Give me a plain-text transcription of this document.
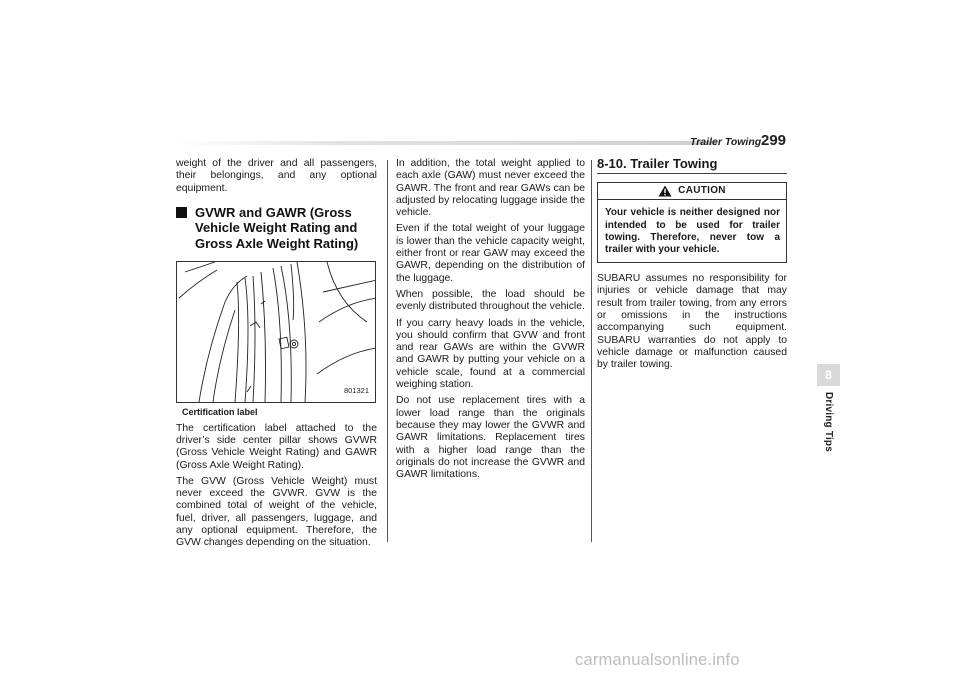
Trailer Towing 299

weight of the driver and all passengers, their belongings, and any optional equipment.

GVWR and GAWR (Gross Vehicle Weight Rating and Gross Axle Weight Rating)
801321
Certification label

The certification label attached to the driver’s side center pillar shows GVWR (Gross Vehicle Weight Rating) and GAWR (Gross Axle Weight Rating).

The GVW (Gross Vehicle Weight) must never exceed the GVWR. GVW is the combined total of weight of the vehicle, fuel, driver, all passengers, luggage, and any optional equipment. Therefore, the GVW changes depending on the situation.

In addition, the total weight applied to each axle (GAW) must never exceed the GAWR. The front and rear GAWs can be adjusted by relocating luggage inside the vehicle.

Even if the total weight of your luggage is lower than the vehicle capacity weight, either front or rear GAW may exceed the GAWR, depending on the distribution of the luggage.

When possible, the load should be evenly distributed throughout the vehicle.

If you carry heavy loads in the vehicle, you should confirm that GVW and front and rear GAWs are within the GVWR and GAWR by putting your vehicle on a vehicle scale, found at a commercial weighing station.

Do not use replacement tires with a lower load range than the originals because they may lower the GVWR and GAWR limitations. Replacement tires with a higher load range than the originals do not increase the GVWR and GAWR limitations.

8-10. Trailer Towing
CAUTION
Your vehicle is neither designed nor intended to be used for trailer towing. Therefore, never tow a trailer with your vehicle.

SUBARU assumes no responsibility for injuries or vehicle damage that may result from trailer towing, from any errors or omissions in the instructions accompanying such equipment. SUBARU warranties do not apply to vehicle damage or malfunction caused by trailer towing.

8
Driving Tips
carmanualsonline.info
